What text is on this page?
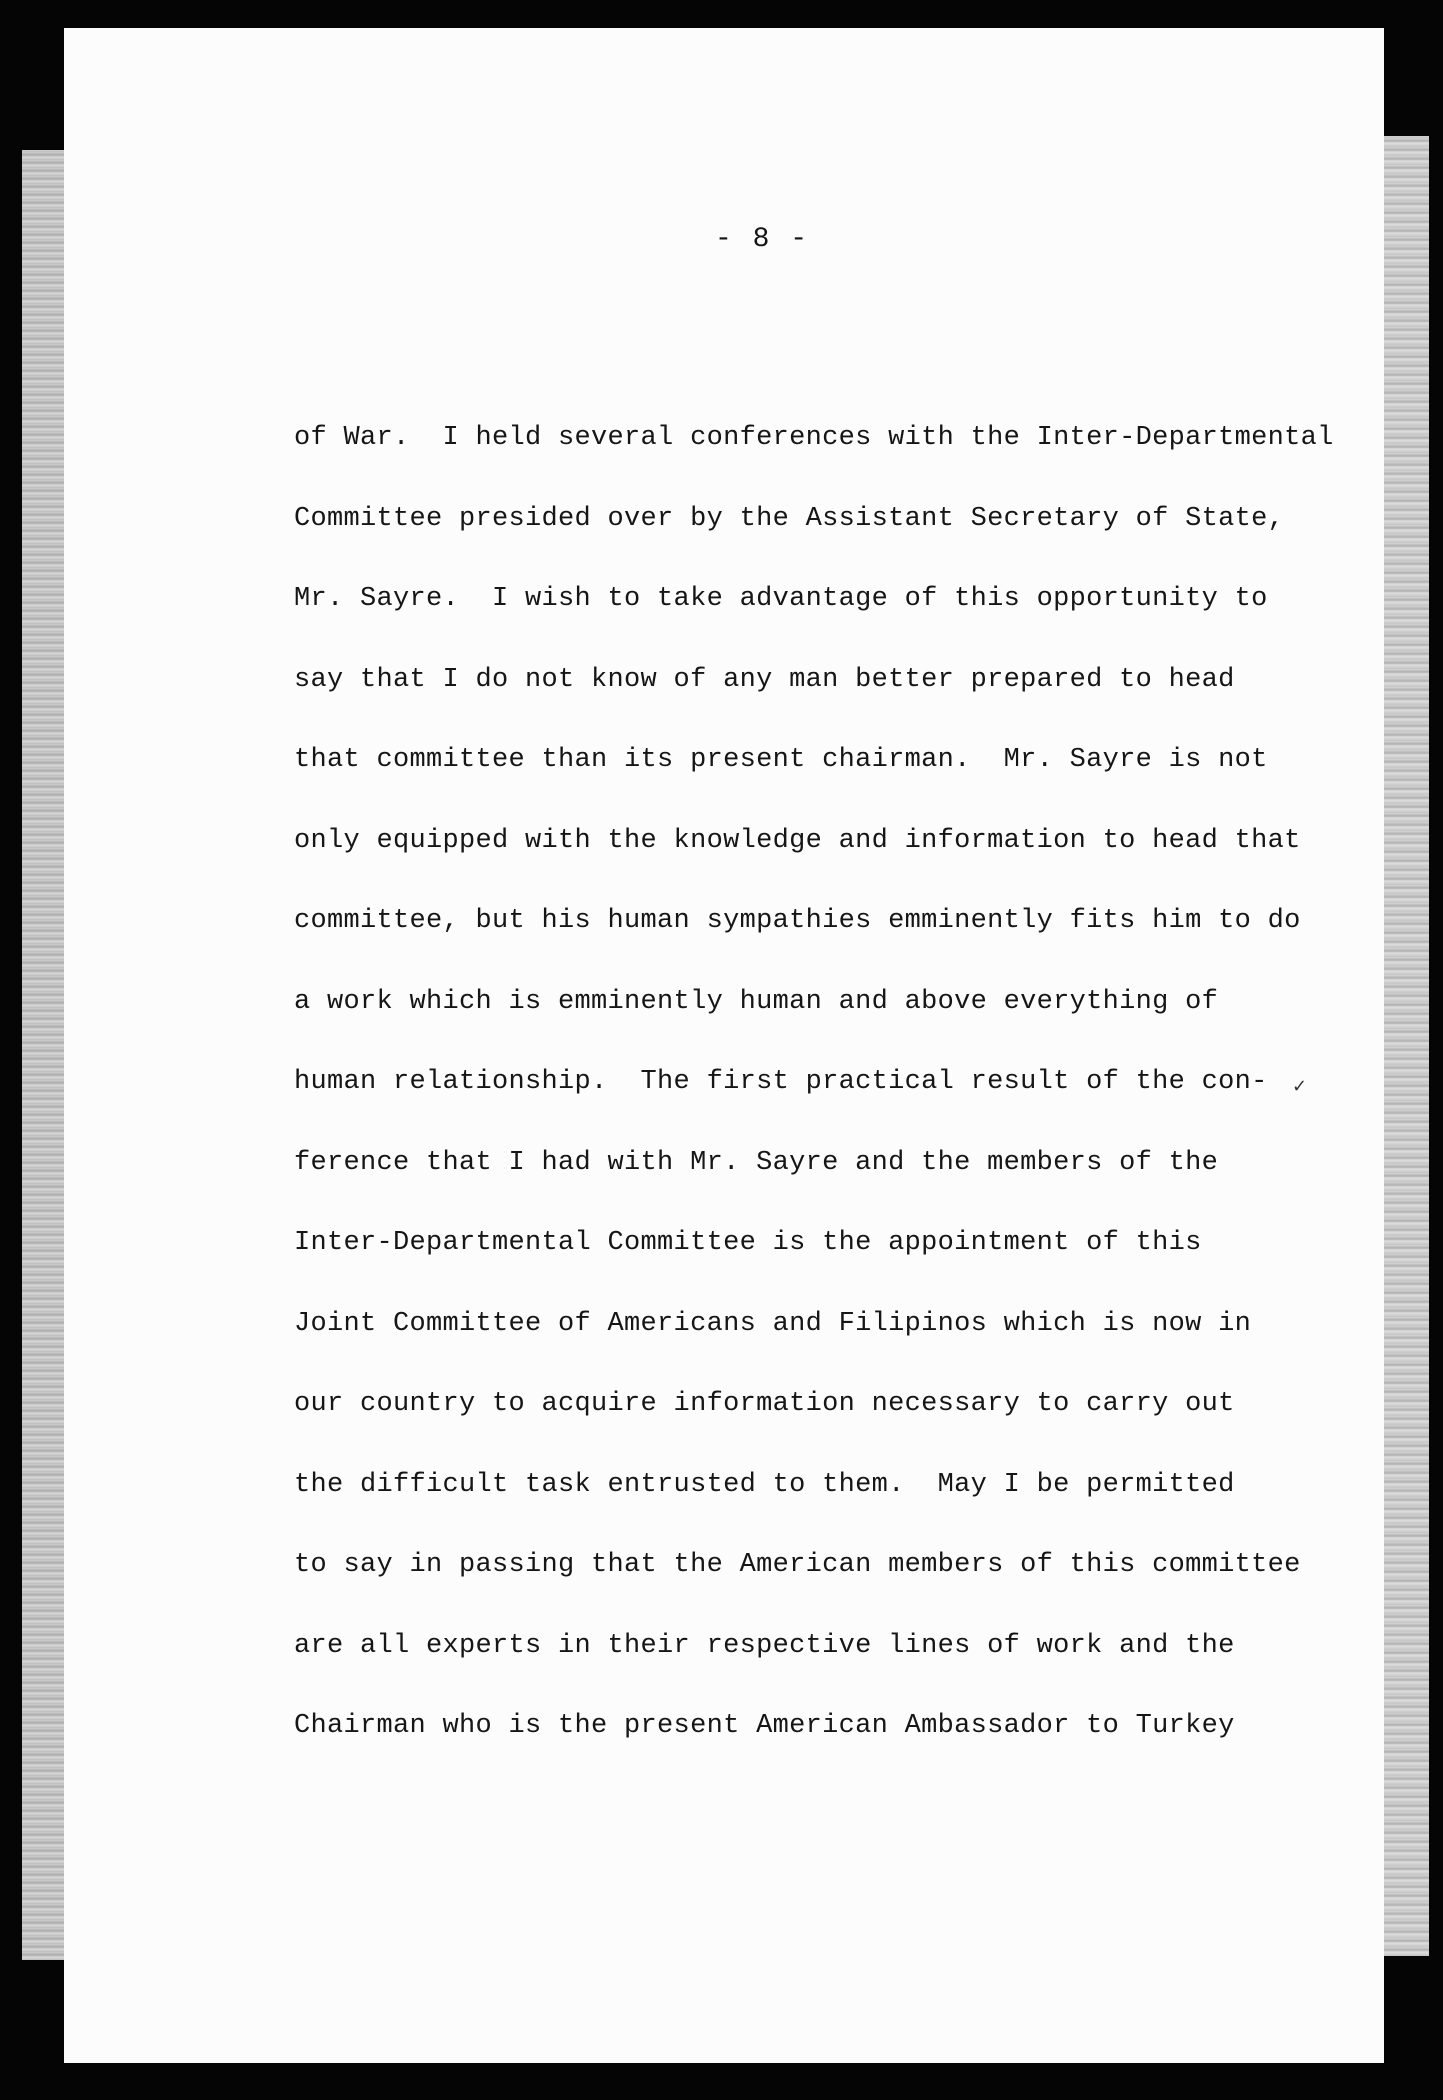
- 8 -
of War.  I held several conferences with the Inter-Departmental
Committee presided over by the Assistant Secretary of State,
Mr. Sayre.  I wish to take advantage of this opportunity to
say that I do not know of any man better prepared to head
that committee than its present chairman.  Mr. Sayre is not
only equipped with the knowledge and information to head that
committee, but his human sympathies emminently fits him to do
a work which is emminently human and above everything of
human relationship.  The first practical result of the con-
ference that I had with Mr. Sayre and the members of the
Inter-Departmental Committee is the appointment of this
Joint Committee of Americans and Filipinos which is now in
our country to acquire information necessary to carry out
the difficult task entrusted to them.  May I be permitted
to say in passing that the American members of this committee
are all experts in their respective lines of work and the
Chairman who is the present American Ambassador to Turkey
✓
